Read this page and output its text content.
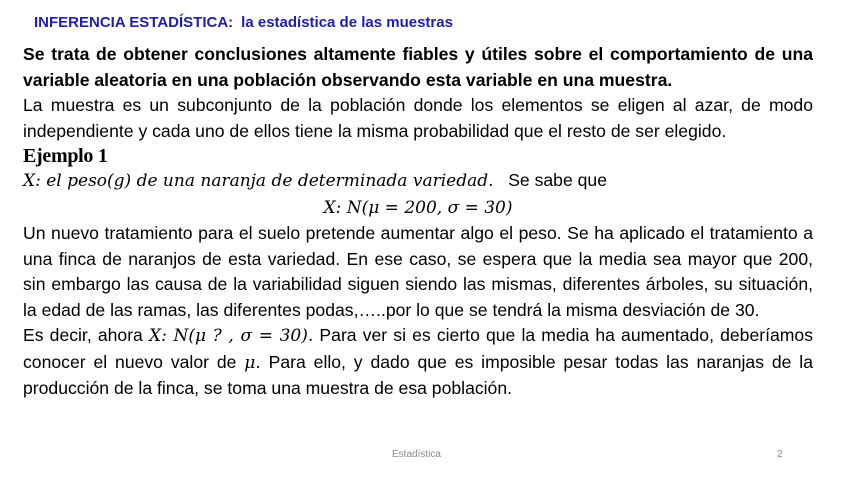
INFERENCIA ESTADÍSTICA: la estadística de las muestras

Se trata de obtener conclusiones altamente fiables y útiles sobre el comportamiento de una variable aleatoria en una población observando esta variable en una muestra.

La muestra es un subconjunto de la población donde los elementos se eligen al azar, de modo independiente y cada uno de ellos tiene la misma probabilidad que el resto de ser elegido.

Ejemplo 1

X: el peso(g) de una naranja de determinada variedad. Se sabe que

X: N(μ = 200, σ = 30)

Un nuevo tratamiento para el suelo pretende aumentar algo el peso. Se ha aplicado el tratamiento a una finca de naranjos de esta variedad. En ese caso, se espera que la media sea mayor que 200, sin embargo las causa de la variabilidad siguen siendo las mismas, diferentes árboles, su situación, la edad de las ramas, las diferentes podas,…..por lo que se tendrá la misma desviación de 30.

Es decir, ahora X: N(μ ? , σ = 30). Para ver si es cierto que la media ha aumentado, deberíamos conocer el nuevo valor de μ. Para ello, y dado que es imposible pesar todas las naranjas de la producción de la finca, se toma una muestra de esa población.

Estadística	2
